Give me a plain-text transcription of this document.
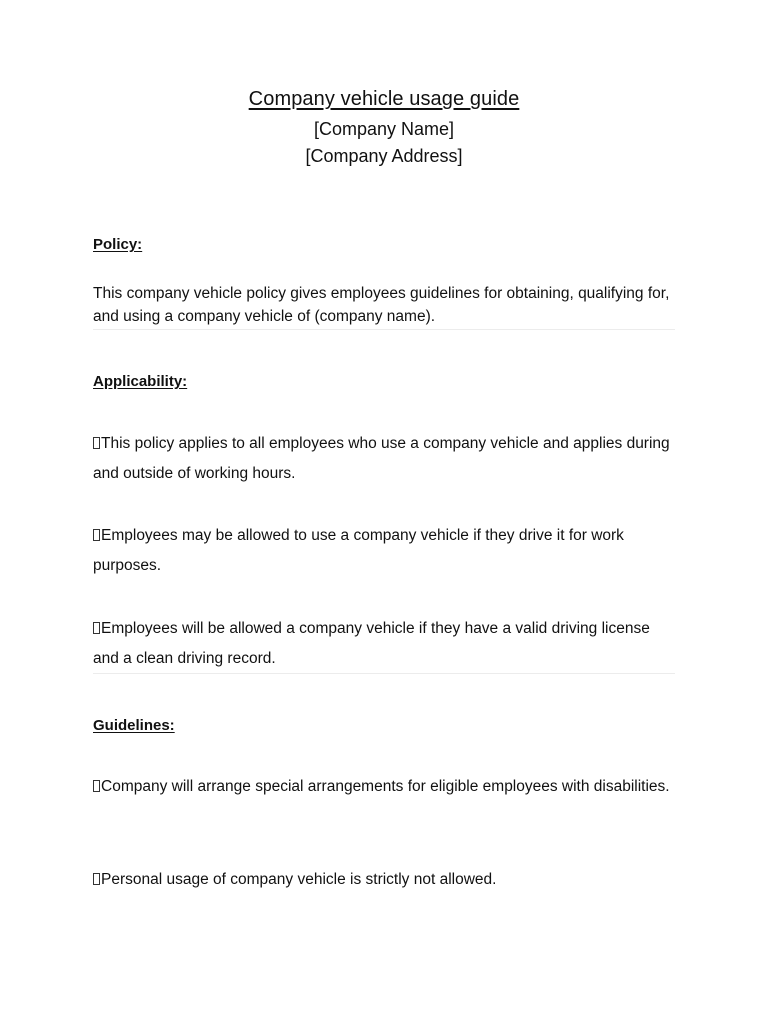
Company vehicle usage guide
[Company Name]
[Company Address]
Policy:
This company vehicle policy gives employees guidelines for obtaining, qualifying for, and using a company vehicle of (company name).
Applicability:
This policy applies to all employees who use a company vehicle and applies during and outside of working hours.
Employees may be allowed to use a company vehicle if they drive it for work purposes.
Employees will be allowed a company vehicle if they have a valid driving license and a clean driving record.
Guidelines:
Company will arrange special arrangements for eligible employees with disabilities.
Personal usage of company vehicle is strictly not allowed.
